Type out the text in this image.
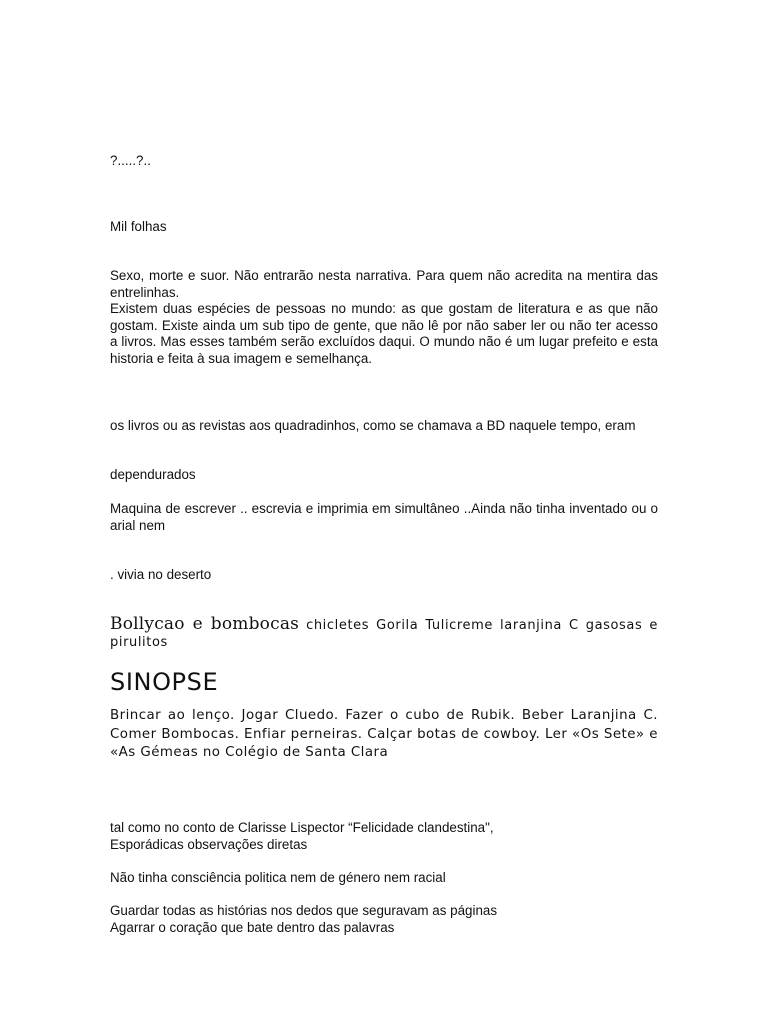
?.....?..

Mil folhas

Sexo, morte e suor. Não entrarão nesta narrativa. Para quem não acredita na mentira das entrelinhas.
Existem duas espécies de pessoas no mundo: as que gostam de literatura e as que não gostam. Existe ainda um sub tipo de gente, que não lê por não saber ler ou não ter acesso a livros. Mas esses também serão excluídos daqui. O mundo não é um lugar prefeito e esta historia e feita à sua imagem e semelhança.

os livros ou as revistas aos quadradinhos, como se chamava a BD naquele tempo, eram

dependurados

Maquina de escrever .. escrevia e imprimia em simultâneo ..Ainda não tinha inventado ou o arial nem

. vivia no deserto

Bollycao e bombocas chicletes Gorila Tulicreme laranjina C gasosas e pirulitos

SINOPSE

Brincar ao lenço. Jogar Cluedo. Fazer o cubo de Rubik. Beber Laranjina C. Comer Bombocas. Enfiar perneiras. Calçar botas de cowboy. Ler «Os Sete» e «As Gémeas no Colégio de Santa Clara

tal como no conto de Clarisse Lispector “Felicidade clandestina",
Esporádicas observações diretas

Não tinha consciência politica nem de género nem racial

Guardar todas as histórias nos dedos que seguravam as páginas
Agarrar o coração que bate dentro das palavras
